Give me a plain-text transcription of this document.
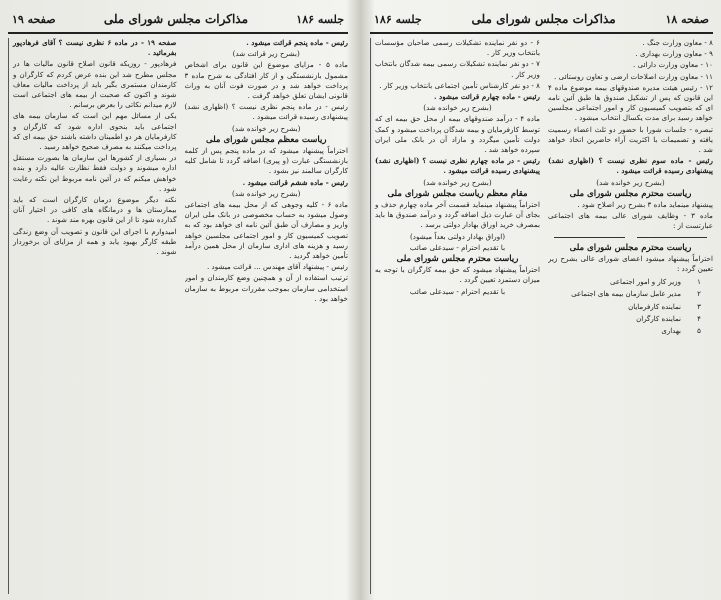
جلسه ۱۸۶
مذاکرات مجلس شورای ملی
صفحه ۱۹

رئیس - ماده پنجم قرائت میشود .

(بشرح زیر قرائت شد)

ماده ۵ - مزایای موضوع این قانون برای اشخاص مشمول بازنشستگی و از کار افتادگی به شرح ماده ۳ پرداخت خواهد شد و در صورت فوت آنان به وراث قانونی ایشان تعلق خواهد گرفت .

رئیس - در ماده پنجم نظری نیست ؟ (اظهاری نشد) پیشنهادی رسیده قرائت میشود .

(بشرح زیر خوانده شد)

ریاست معظم مجلس شورای ملی

احتراماً پیشنهاد میشود که در ماده پنجم پس از کلمه بازنشستگی عبارت (و پیری) اضافه گردد تا شامل کلیه کارگران سالمند نیز بشود .

رئیس - ماده ششم قرائت میشود .

(بشرح زیر خوانده شد)

ماده ۶ - کلیه وجوهی که از محل بیمه های اجتماعی وصول میشود به حساب مخصوصی در بانک ملی ایران واریز و مصارف آن طبق آئین نامه ای خواهد بود که به تصویب کمیسیون کار و امور اجتماعی مجلسین خواهد رسید و هزینه های اداری سازمان از محل همین درآمد تأمین خواهد گردید .

رئیس - پیشنهاد آقای مهندس ... قرائت میشود .

ترتیب استفاده از آن و همچنین وضع کارمندان و امور استخدامی سازمان بموجب مقررات مربوط به سازمان خواهد بود .

صفحه ۱۹ - در ماده ۶ نظری نیست ؟ آقای فرهادپور بفرمائید .

فرهادپور - روزیکه قانون اصلاح قانون مالیات ها در مجلس مطرح شد این بنده عرض کردم که کارگران و کارمندان مستمری بگیر باید از پرداخت مالیات معاف شوند و اکنون که صحبت از بیمه های اجتماعی است لازم میدانم نکاتی را بعرض برسانم .

یکی از مسائل مهم این است که سازمان بیمه های اجتماعی باید بنحوی اداره شود که کارگران و کارفرمایان هر دو اطمینان داشته باشند حق بیمه ای که پرداخت میکنند به مصرف صحیح خواهد رسید .

در بسیاری از کشورها این سازمان ها بصورت مستقل اداره میشوند و دولت فقط نظارت عالیه دارد و بنده خواهش میکنم که در آئین نامه مربوط این نکته رعایت شود .

نکته دیگر موضوع درمان کارگران است که باید بیمارستان ها و درمانگاه های کافی در اختیار آنان گذارده شود تا از این قانون بهره مند شوند .

امیدوارم با اجرای این قانون و تصویب آن وضع زندگی طبقه کارگر بهبود یابد و همه از مزایای آن برخوردار شوند .

صفحه ۱۸
مذاکرات مجلس شورای ملی
جلسه ۱۸۶

۸ - معاون وزارت جنگ .

۹ - معاون وزارت بهداری .

۱۰ - معاون وزارت دارائی .

۱۱ - معاون وزارت اصلاحات ارضی و تعاون روستائی .

۱۲ - رئیس هیئت مدیره صندوقهای بیمه موضوع ماده ۴ این قانون که پس از تشکیل صندوق ها طبق آئین نامه ای که بتصویب کمیسیون کار و امور اجتماعی مجلسین خواهد رسید برای مدت یکسال انتخاب میشود .

تبصره - جلسات شورا با حضور دو ثلث اعضاء رسمیت یافته و تصمیمات با اکثریت آراء حاضرین اتخاذ خواهد شد .

رئیس - ماده سوم نظری نیست ؟ (اظهاری نشد) پیشنهادی رسیده قرائت میشود .

(بشرح زیر خوانده شد)

ریاست محترم مجلس شورای ملی

پیشنهاد مینماید ماده ۳ بشرح زیر اصلاح شود .

ماده ۳ - وظایف شورای عالی بیمه های اجتماعی عبارتست از :

ریاست محترم مجلس شورای ملی

احتراماً پیشنهاد میشود اعضای شورای عالی بشرح زیر تعیین گردد :

۱	وزیر کار و امور اجتماعی
۲	مدیر عامل سازمان بیمه های اجتماعی
۳	نماینده کارفرمایان
۴	نماینده کارگران
۵	بهداری

۶ - دو نفر نماینده تشکیلات رسمی صاحبان مؤسسات بانتخاب وزیر کار .

۷ - دو نفر نماینده تشکیلات رسمی بیمه شدگان بانتخاب وزیر کار .

۸ - دو نفر کارشناس تأمین اجتماعی بانتخاب وزیر کار .

رئیس - ماده چهارم قرائت میشود .

(بشرح زیر خوانده شد)

ماده ۴ - درآمد صندوقهای بیمه از محل حق بیمه ای که توسط کارفرمایان و بیمه شدگان پرداخت میشود و کمک دولت تأمین میگردد و مازاد آن در بانک ملی ایران سپرده خواهد شد .

رئیس - در ماده چهارم نظری نیست ؟ (اظهاری نشد) پیشنهادی رسیده قرائت میشود .

(بشرح زیر خوانده شد)

مقام معظم ریاست مجلس شورای ملی

احتراماً پیشنهاد مینماید قسمت آخر ماده چهارم حذف و بجای آن عبارت ذیل اضافه گردد و درآمد صندوق ها باید بمصرف خرید اوراق بهادار دولتی برسد .

(اوراق بهادار دولتی بعداً میشود)

با تقدیم احترام - سیدعلی صائب

ریاست محترم مجلس شورای ملی

احتراماً پیشنهاد میشود که حق بیمه کارگران با توجه به میزان دستمزد تعیین گردد .

با تقدیم احترام - سیدعلی صائب
